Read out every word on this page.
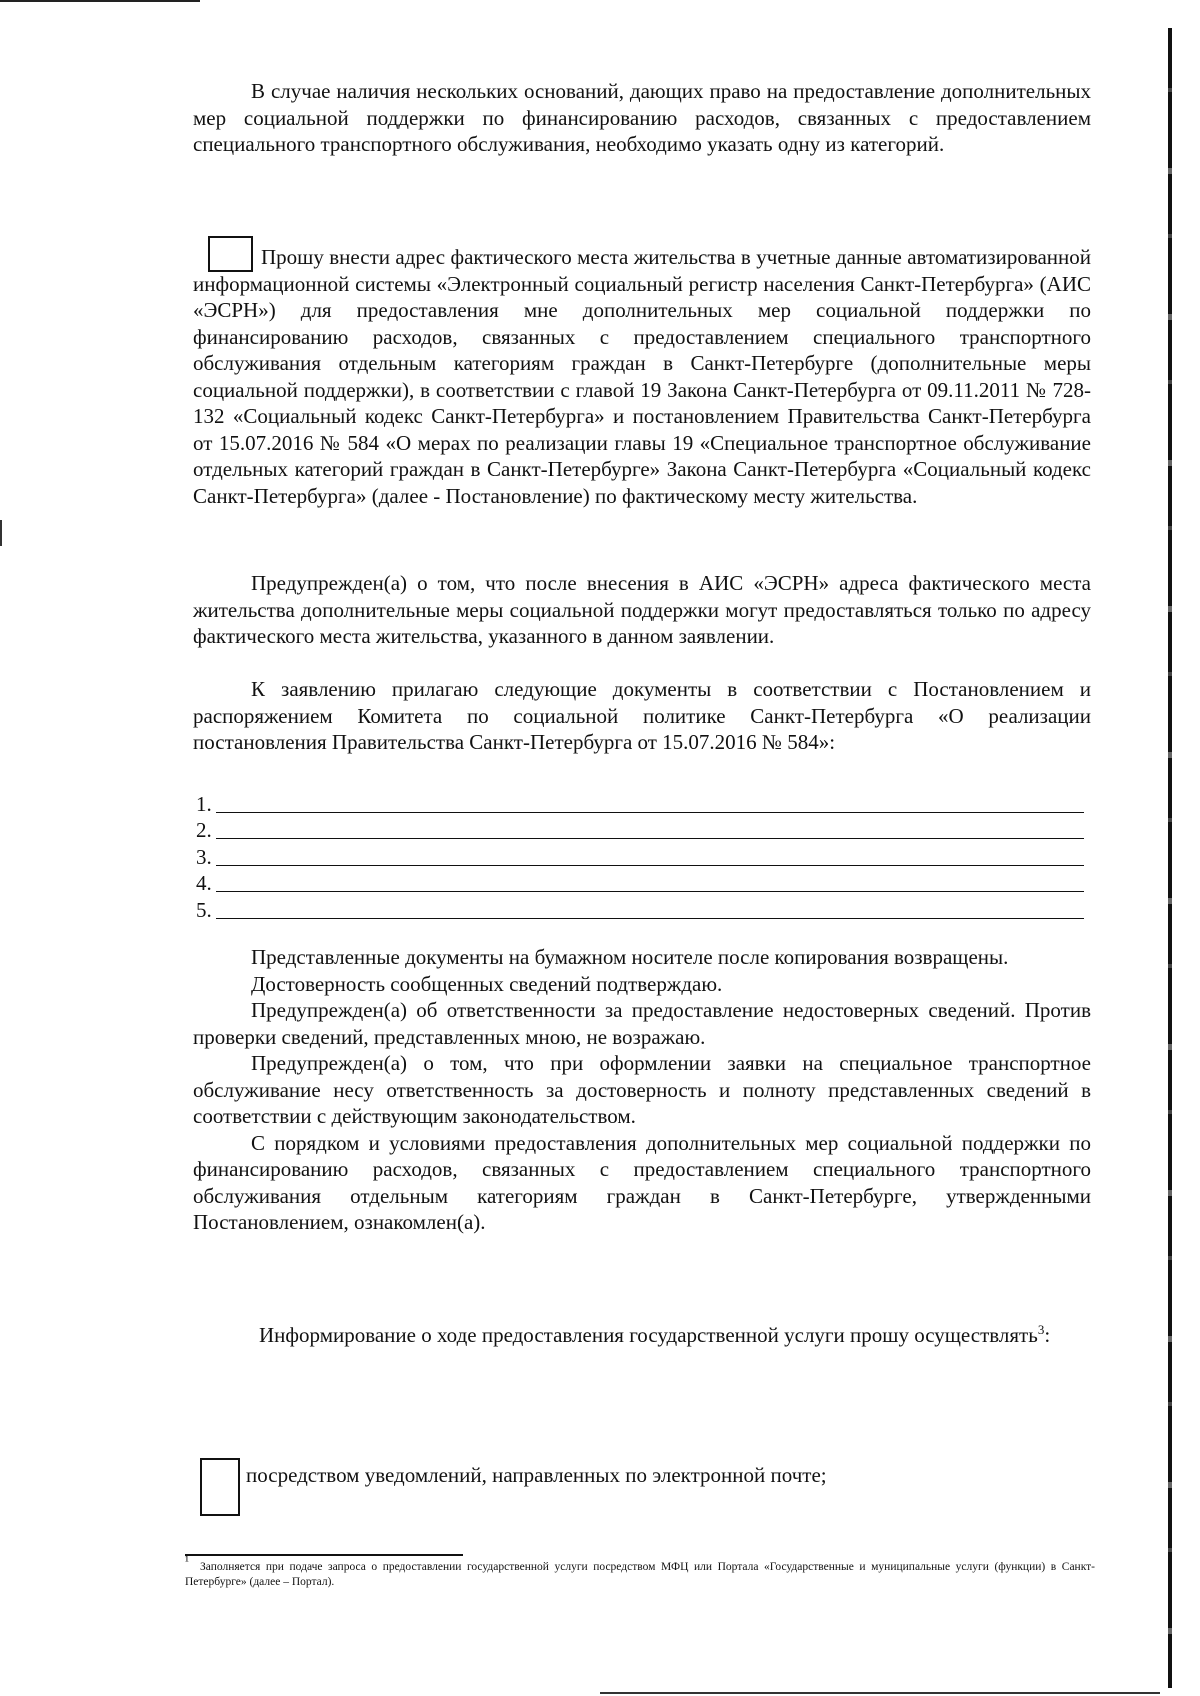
В случае наличия нескольких оснований, дающих право на предоставление дополнительных мер социальной поддержки по финансированию расходов, связанных с предоставлением специального транспортного обслуживания, необходимо указать одну из категорий.

Прошу внести адрес фактического места жительства в учетные данные автоматизированной информационной системы «Электронный социальный регистр населения Санкт-Петербурга» (АИС «ЭСРН») для предоставления мне дополнительных мер социальной поддержки по финансированию расходов, связанных с предоставлением специального транспортного обслуживания отдельным категориям граждан в Санкт-Петербурге (дополнительные меры социальной поддержки), в соответствии с главой 19 Закона Санкт-Петербурга от 09.11.2011 № 728-132 «Социальный кодекс Санкт-Петербурга» и постановлением Правительства Санкт-Петербурга от 15.07.2016 № 584 «О мерах по реализации главы 19 «Специальное транспортное обслуживание отдельных категорий граждан в Санкт-Петербурге» Закона Санкт-Петербурга «Социальный кодекс Санкт-Петербурга» (далее - Постановление) по фактическому месту жительства.

Предупрежден(а) о том, что после внесения в АИС «ЭСРН» адреса фактического места жительства дополнительные меры социальной поддержки могут предоставляться только по адресу фактического места жительства, указанного в данном заявлении.

К заявлению прилагаю следующие документы в соответствии с Постановлением и распоряжением Комитета по социальной политике Санкт-Петербурга «О реализации постановления Правительства Санкт-Петербурга от 15.07.2016 № 584»:

1.
2.
3.
4.
5.

Представленные документы на бумажном носителе после копирования возвращены.

Достоверность сообщенных сведений подтверждаю.

Предупрежден(а) об ответственности за предоставление недостоверных сведений. Против проверки сведений, представленных мною, не возражаю.

Предупрежден(а) о том, что при оформлении заявки на специальное транспортное обслуживание несу ответственность за достоверность и полноту представленных сведений в соответствии с действующим законодательством.

С порядком и условиями предоставления дополнительных мер социальной поддержки по финансированию расходов, связанных с предоставлением специального транспортного обслуживания отдельным категориям граждан в Санкт-Петербурге, утвержденными Постановлением, ознакомлен(а).

Информирование о ходе предоставления государственной услуги прошу осуществлять$^3$:

посредством уведомлений, направленных по электронной почте;

¹ Заполняется при подаче запроса о предоставлении государственной услуги посредством МФЦ или Портала «Государственные и муниципальные услуги (функции) в Санкт-Петербурге» (далее – Портал).
